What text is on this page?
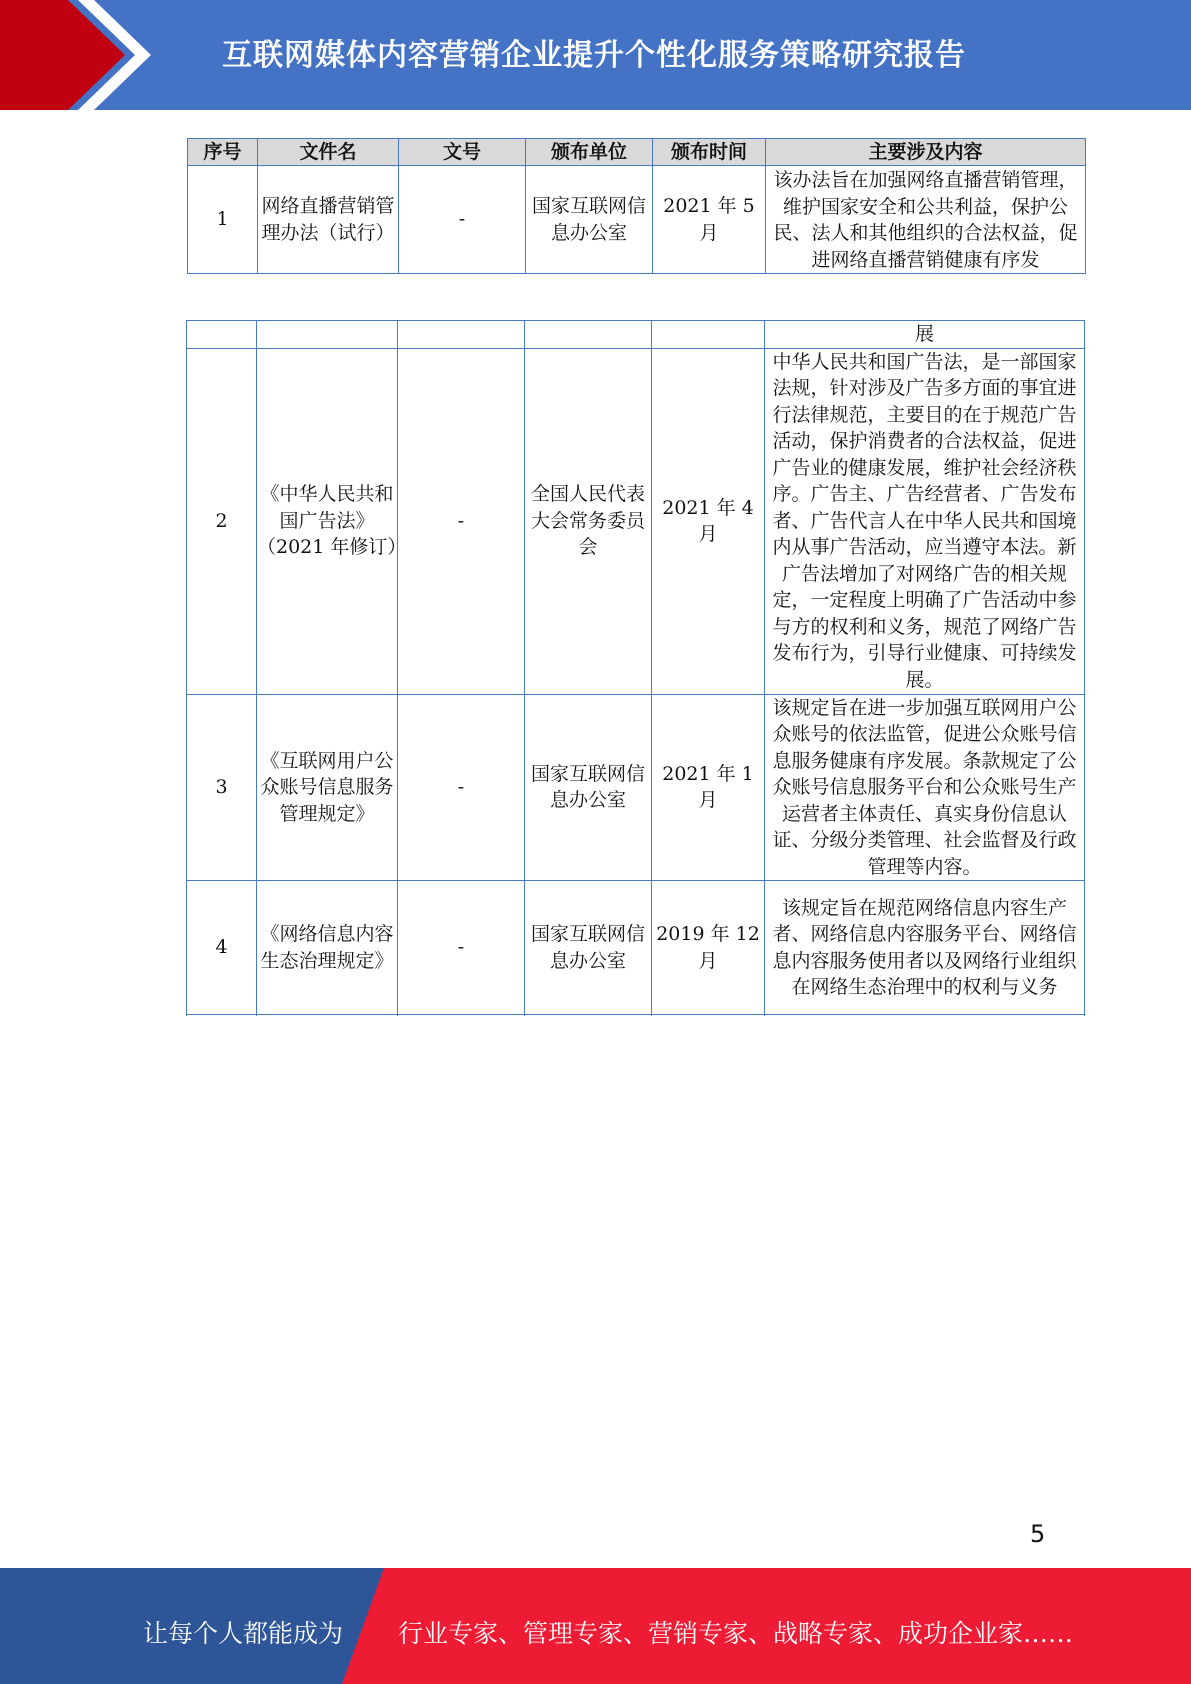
互联网媒体内容营销企业提升个性化服务策略研究报告
序号	文件名	文号	颁布单位	颁布时间	主要涉及内容
1	网络直播营销管理办法（试行）	-	国家互联网信息办公室	2021 年 5 月	该办法旨在加强网络直播营销管理，维护国家安全和公共利益，保护公民、法人和其他组织的合法权益，促进网络直播营销健康有序发
					展
2	《中华人民共和国广告法》（2021 年修订）	-	全国人民代表大会常务委员会	2021 年 4 月	中华人民共和国广告法，是一部国家法规，针对涉及广告多方面的事宜进行法律规范，主要目的在于规范广告活动，保护消费者的合法权益，促进广告业的健康发展，维护社会经济秩序。广告主、广告经营者、广告发布者、广告代言人在中华人民共和国境内从事广告活动，应当遵守本法。新广告法增加了对网络广告的相关规定，一定程度上明确了广告活动中参与方的权利和义务，规范了网络广告发布行为，引导行业健康、可持续发展。
3	《互联网用户公众账号信息服务管理规定》	-	国家互联网信息办公室	2021 年 1 月	该规定旨在进一步加强互联网用户公众账号的依法监管，促进公众账号信息服务健康有序发展。条款规定了公众账号信息服务平台和公众账号生产运营者主体责任、真实身份信息认证、分级分类管理、社会监督及行政管理等内容。
4	《网络信息内容生态治理规定》	-	国家互联网信息办公室	2019 年 12 月	该规定旨在规范网络信息内容生产者、网络信息内容服务平台、网络信息内容服务使用者以及网络行业组织在网络生态治理中的权利与义务

5
让每个人都能成为 行业专家、管理专家、营销专家、战略专家、成功企业家……
